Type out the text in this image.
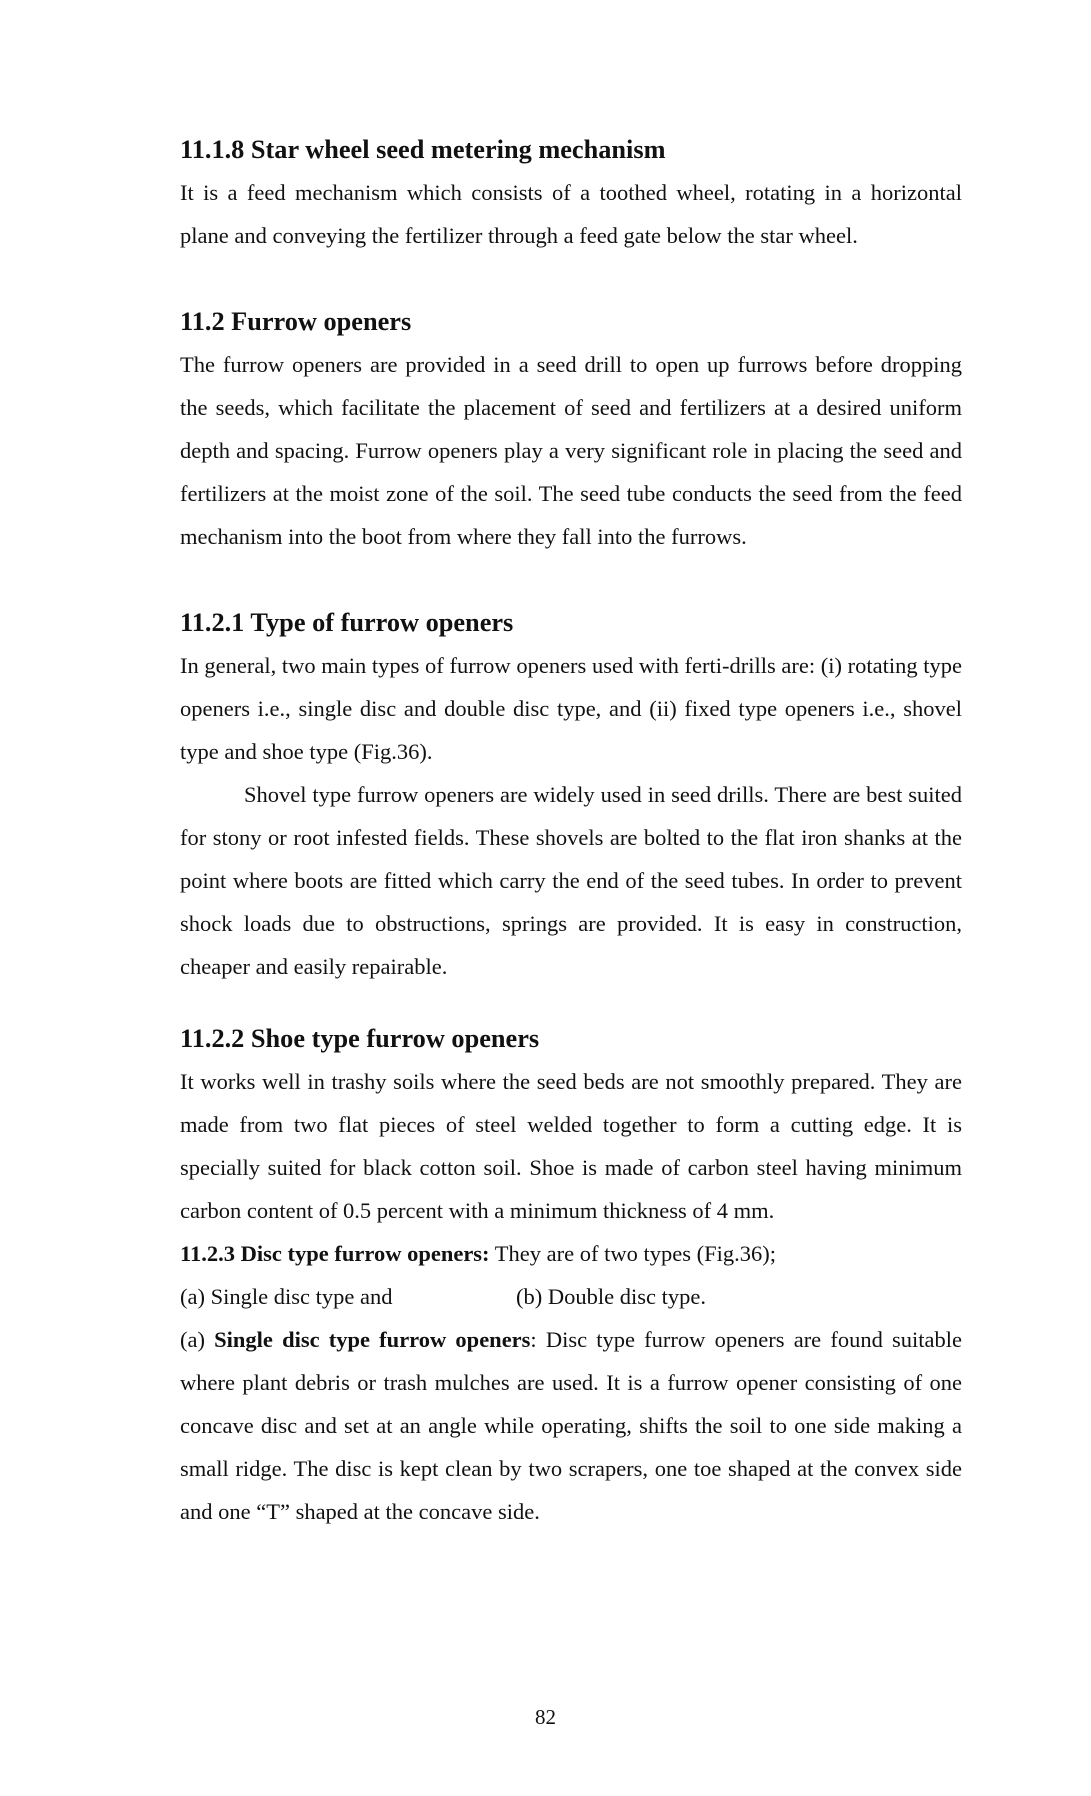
11.1.8 Star wheel seed metering mechanism

It is a feed mechanism which consists of a toothed wheel, rotating in a horizontal plane and conveying the fertilizer through a feed gate below the star wheel.

11.2 Furrow openers

The furrow openers are provided in a seed drill to open up furrows before dropping the seeds, which facilitate the placement of seed and fertilizers at a desired uniform depth and spacing. Furrow openers play a very significant role in placing the seed and fertilizers at the moist zone of the soil. The seed tube conducts the seed from the feed mechanism into the boot from where they fall into the furrows.

11.2.1 Type of furrow openers

In general, two main types of furrow openers used with ferti-drills are: (i) rotating type openers i.e., single disc and double disc type, and (ii) fixed type openers i.e., shovel type and shoe type (Fig.36).

Shovel type furrow openers are widely used in seed drills. There are best suited for stony or root infested fields. These shovels are bolted to the flat iron shanks at the point where boots are fitted which carry the end of the seed tubes. In order to prevent shock loads due to obstructions, springs are provided. It is easy in construction, cheaper and easily repairable.

11.2.2 Shoe type furrow openers

It works well in trashy soils where the seed beds are not smoothly prepared. They are made from two flat pieces of steel welded together to form a cutting edge. It is specially suited for black cotton soil. Shoe is made of carbon steel having minimum carbon content of 0.5 percent with a minimum thickness of 4 mm.

11.2.3 Disc type furrow openers: They are of two types (Fig.36);

(a) Single disc type and	(b) Double disc type.

(a) Single disc type furrow openers: Disc type furrow openers are found suitable where plant debris or trash mulches are used. It is a furrow opener consisting of one concave disc and set at an angle while operating, shifts the soil to one side making a small ridge. The disc is kept clean by two scrapers, one toe shaped at the convex side and one “T” shaped at the concave side.

82
